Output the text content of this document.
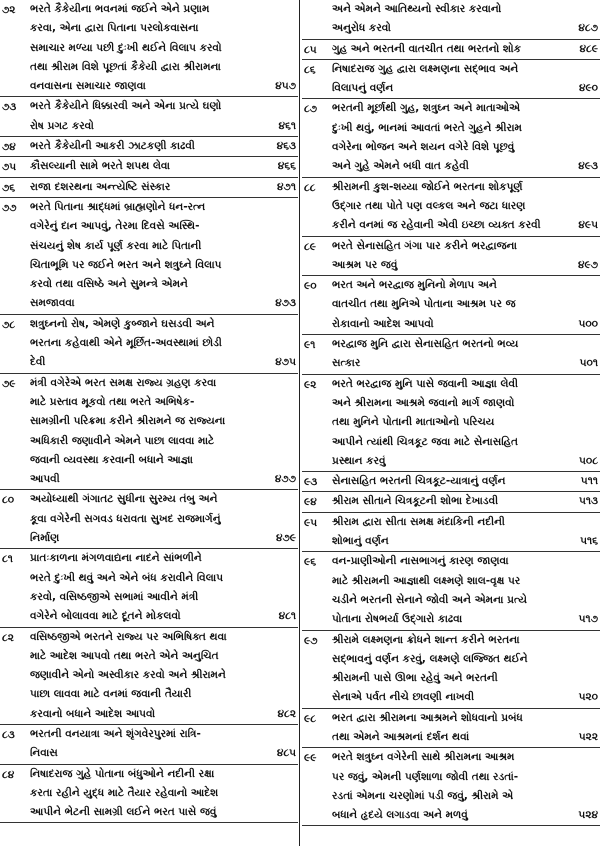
૭૨	ભરતે કૈકેયીના ભવનમાં જઈને એને પ્રણામ
કરવા, એના દ્વારા પિતાના પરલોકવાસના
સમાચાર મળ્યા પછી દુઃખી થઈને વિલાપ કરવો
તથા શ્રીરામ વિશે પૂછતાં કૈકેયી દ્વારા શ્રીરામના
વનવાસના સમાચાર જાણવા	૪૫૭
૭૩	ભરતે કૈકેયીને ધિક્કારવી અને એના પ્રત્યે ઘણો
રોષ પ્રગટ કરવો	૪૬૧
૭૪	ભરતે કૈકેયીની આકરી ઝાટકણી કાઢવી	૪૬૩
૭૫	કૌસલ્યાની સામે ભરતે શપથ લેવા	૪૬૬
૭૬	રાજા દશરથના અન્ત્યેષ્ટિ સંસ્કાર	૪૭૧
૭૭	ભરતે પિતાના શ્રાદ્ધમાં બ્રાહ્મણોને ધન-રત્ન
વગેરેનું દાન આપવું, તેરમા દિવસે અસ્થિ-
સંચયનું શેષ કાર્ય પૂર્ણ કરવા માટે પિતાની
ચિતાભૂમિ પર જઈને ભરત અને શત્રુઘ્ને વિલાપ
કરવો તથા વસિષ્ઠે અને સુમન્ત્રે એમને
સમજાવવા	૪૭૩
૭૮	શત્રુઘ્નનો રોષ, એમણે કુબ્જાને ઘસડવી અને
ભરતના કહેવાથી એને મૂર્છિત-અવસ્થામાં છોડી
દેવી	૪૭૫
૭૯	મંત્રી વગેરેએ ભરત સમક્ષ રાજ્ય ગ્રહણ કરવા
માટે પ્રસ્તાવ મૂકવો તથા ભરતે અભિષેક-
સામગ્રીની પરિક્રમા કરીને શ્રીરામને જ રાજ્યના
અધિકારી જણાવીને એમને પાછા લાવવા માટે
જવાની વ્યવસ્થા કરવાની બધાને આજ્ઞા
આપવી	૪૭૭
૮૦	અયોધ્યાથી ગંગાતટ સુધીના સુરમ્ય તંબુ અને
કૂવા વગેરેની સગવડ ધરાવતા સુખદ રાજમાર્ગનું
નિર્માણ	૪૭૯
૮૧	પ્રાતઃકાળના મંગળવાદ્યના નાદને સાંભળીને
ભરતે દુઃખી થવું અને એને બંધ કરાવીને વિલાપ
કરવો, વસિષ્ઠજીએ સભામાં આવીને મંત્રી
વગેરેને બોલાવવા માટે દૂતને મોકલવો	૪૮૧
૮૨	વસિષ્ઠજીએ ભરતને રાજ્ય પર અભિષિક્ત થવા
માટે આદેશ આપવો તથા ભરતે એને અનુચિત
જણાવીને એનો અસ્વીકાર કરવો અને શ્રીરામને
પાછા લાવવા માટે વનમાં જવાની તૈયારી
કરવાનો બધાને આદેશ આપવો	૪૮૨
૮૩	ભરતની વનયાત્રા અને શૃંગવેરપુરમાં રાત્રિ-
નિવાસ	૪૮૫
૮૪	નિષાદરાજ ગુહે પોતાના બંધુઓને નદીની રક્ષા
કરતા રહીને યુદ્ધ માટે તૈયાર રહેવાનો આદેશ
આપીને ભેટની સામગ્રી લઈને ભરત પાસે જવું
અને એમને આતિથ્યનો સ્વીકાર કરવાનો
અનુરોધ કરવો	૪૮૭
૮૫	ગુહ અને ભરતની વાતચીત તથા ભરતનો શોક	૪૮૯
૮૬	નિષાદરાજ ગુહ દ્વારા લક્ષ્મણના સદ્ભાવ અને
વિલાપનું વર્ણન	૪૯૦
૮૭	ભરતની મૂર્છાથી ગુહ, શત્રુઘ્ન અને માતાઓએ
દુઃખી થવું, ભાનમાં આવતાં ભરતે ગુહને શ્રીરામ
વગેરેના ભોજન અને શયન વગેરે વિશે પૂછવું
અને ગુહે એમને બધી વાત કહેવી	૪૯૩
૮૮	શ્રીરામની કુશ-શય્યા જોઈને ભરતના શોકપૂર્ણ
ઉદ્ગાર તથા પોતે પણ વલ્કલ અને જટા ધારણ
કરીને વનમાં જ રહેવાની એવી ઇચ્છા વ્યક્ત કરવી	૪૯૫
૮૯	ભરતે સેનાસહિત ગંગા પાર કરીને ભરદ્વાજના
આશ્રમ પર જવું	૪૯૭
૯૦	ભરત અને ભરદ્વાજ મુનિનો મેળાપ અને
વાતચીત તથા મુનિએ પોતાના આશ્રમ પર જ
રોકાવાનો આદેશ આપવો	૫૦૦
૯૧	ભરદ્વાજ મુનિ દ્વારા સેનાસહિત ભરતનો ભવ્ય
સત્કાર	૫૦૧
૯૨	ભરતે ભરદ્વાજ મુનિ પાસે જવાની આજ્ઞા લેવી
અને શ્રીરામના આશ્રમે જવાનો માર્ગ જાણવો
તથા મુનિને પોતાની માતાઓનો પરિચય
આપીને ત્યાંથી ચિત્રકૂટ જવા માટે સેનાસહિત
પ્રસ્થાન કરવું	૫૦૮
૯૩	સેનાસહિત ભરતની ચિત્રકૂટ-યાત્રાનું વર્ણન	૫૧૧
૯૪	શ્રીરામ સીતાને ચિત્રકૂટની શોભા દેખાડવી	૫૧૩
૯૫	શ્રીરામ દ્વારા સીતા સમક્ષ મંદાકિની નદીની
શોભાનું વર્ણન	૫૧૬
૯૬	વન-પ્રાણીઓની નાસભાગનું કારણ જાણવા
માટે શ્રીરામની આજ્ઞાથી લક્ષ્મણે શાલ-વૃક્ષ પર
ચડીને ભરતની સેનાને જોવી અને એમના પ્રત્યે
પોતાના રોષભર્યા ઉદ્ગારો કાઢવા	૫૧૭
૯૭	શ્રીરામે લક્ષ્મણના ક્રોધને શાન્ત કરીને ભરતના
સદ્ભાવનું વર્ણન કરવું, લક્ષ્મણે લજ્જિત થઈને
શ્રીરામની પાસે ઊભા રહેવું અને ભરતની
સેનાએ પર્વત નીચે છાવણી નાખવી	૫૨૦
૯૮	ભરત દ્વારા શ્રીરામના આશ્રમને શોધવાનો પ્રબંધ
તથા એમને આશ્રમનાં દર્શન થવાં	૫૨૨
૯૯	ભરતે શત્રુઘ્ન વગેરેની સાથે શ્રીરામના આશ્રમ
પર જવું, એમની પર્ણશાળા જોવી તથા રડતાં-
રડતાં એમના ચરણોમાં પડી જવું, શ્રીરામે એ
બધાને હૃદયે લગાડવા અને મળવું	૫૨૪
